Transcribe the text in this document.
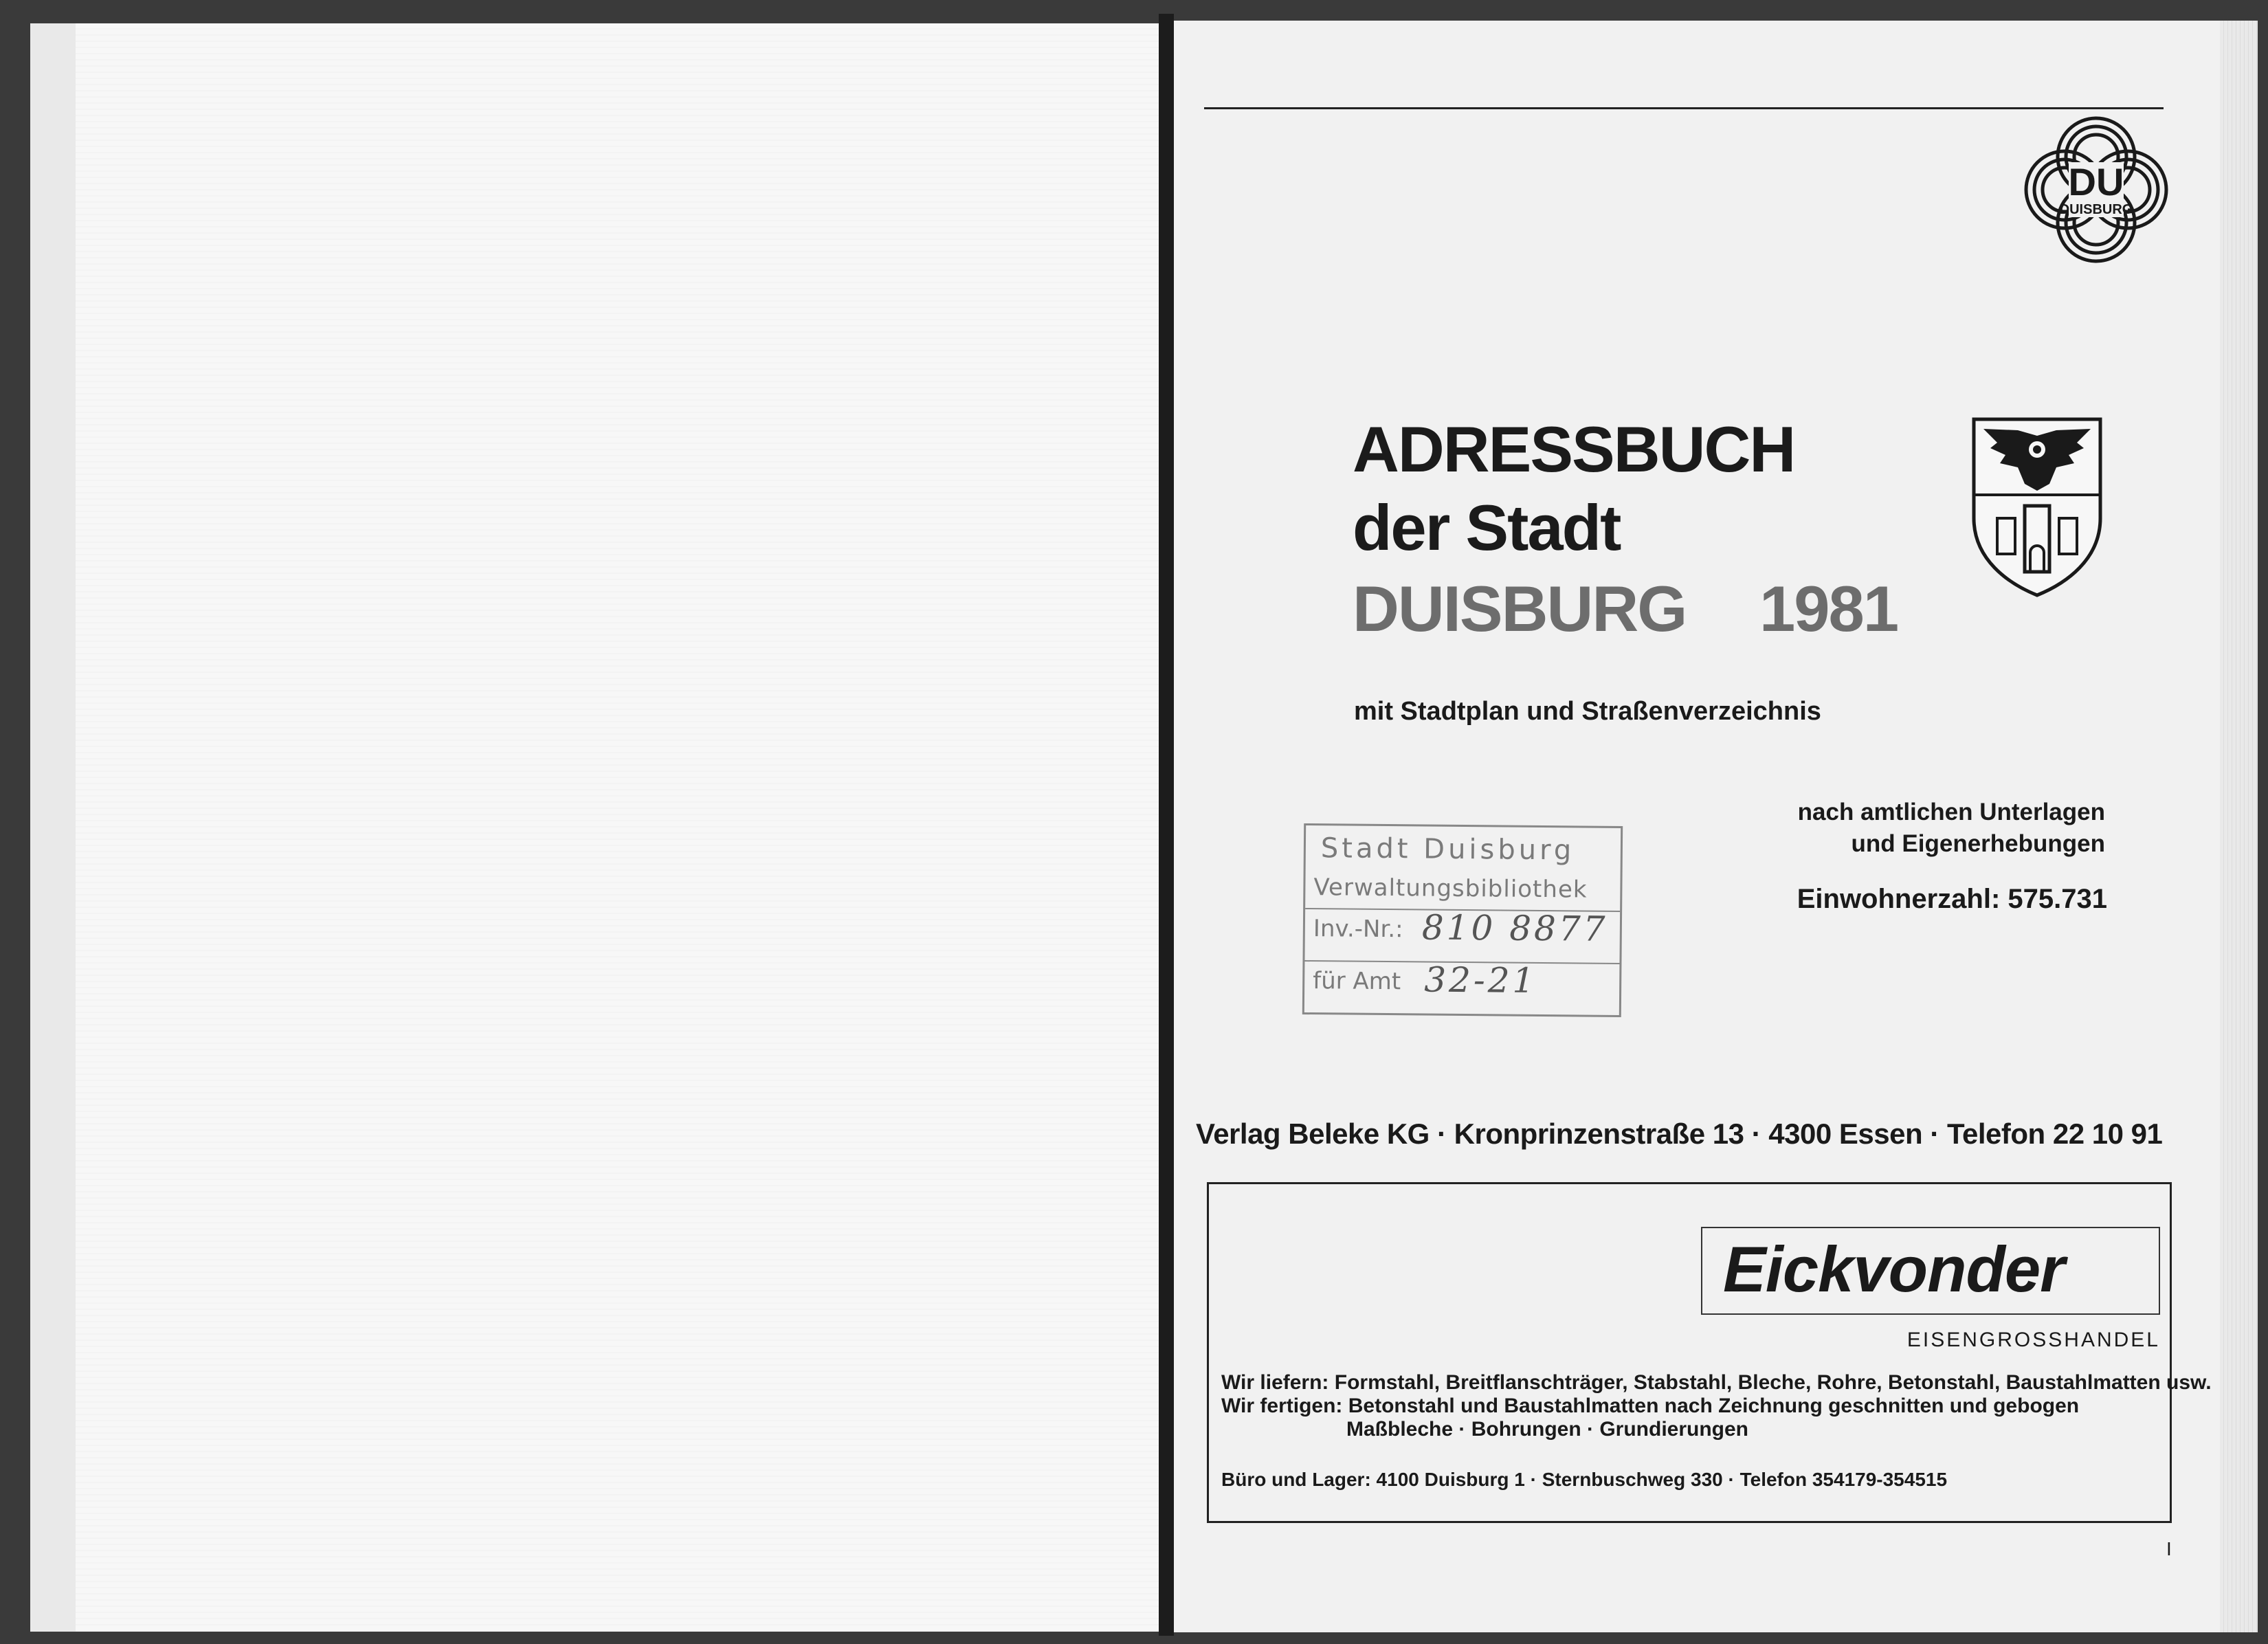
DU
DUISBURG
ADRESSBUCH
der Stadt
DUISBURG 1981
mit Stadtplan und Straßenverzeichnis
nach amtlichen Unterlagen
und Eigenerhebungen
Einwohnerzahl: 575.731
Stadt Duisburg
Verwaltungsbibliothek
Inv.-Nr.: 810 8877
für Amt 32-21
Verlag Beleke KG · Kronprinzenstraße 13 · 4300 Essen · Telefon 22 10 91
Eickvonder
EISENGROSSHANDEL
Wir liefern: Formstahl, Breitflanschträger, Stabstahl, Bleche, Rohre, Betonstahl, Baustahlmatten usw.
Wir fertigen: Betonstahl und Baustahlmatten nach Zeichnung geschnitten und gebogen
Maßbleche · Bohrungen · Grundierungen
Büro und Lager: 4100 Duisburg 1 · Sternbuschweg 330 · Telefon 354179-354515
I
